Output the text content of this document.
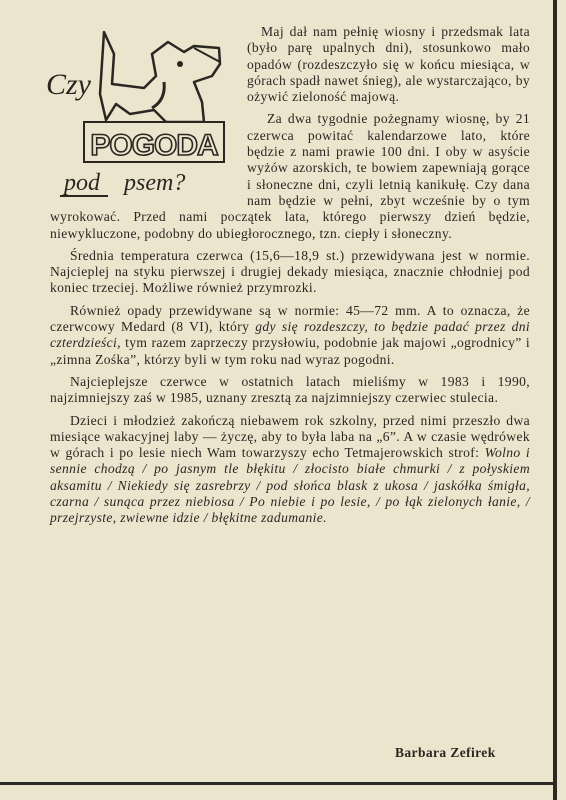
Czy
POGODA
pod psem?

Maj dał nam pełnię wiosny i przedsmak lata (było parę upalnych dni), stosunkowo mało opadów (rozdeszczyło się w końcu miesiąca, w górach spadł nawet śnieg), ale wystarczająco, by ożywić zieloność majową.

Za dwa tygodnie pożegnamy wiosnę, by 21 czerwca powitać kalendarzowe lato, które będzie z nami prawie 100 dni. I oby w asyście wyżów azorskich, te bowiem zapewniają gorące i słoneczne dni, czyli letnią kanikułę. Czy dana nam będzie w pełni, zbyt wcześnie by o tym wyrokować. Przed nami początek lata, którego pierwszy dzień będzie, niewykluczone, podobny do ubiegłorocznego, tzn. ciepły i słoneczny.

Średnia temperatura czerwca (15,6—18,9 st.) przewidywana jest w normie. Najcieplej na styku pierwszej i drugiej dekady miesiąca, znacznie chłodniej pod koniec trzeciej. Możliwe również przymrozki.

Również opady przewidywane są w normie: 45—72 mm. A to oznacza, że czerwcowy Medard (8 VI), który gdy się rozdeszczy, to będzie padać przez dni czterdzieści, tym razem zaprzeczy przysłowiu, podobnie jak majowi „ogrodnicy” i „zimna Zośka”, którzy byli w tym roku nad wyraz pogodni.

Najcieplejsze czerwce w ostatnich latach mieliśmy w 1983 i 1990, najzimniejszy zaś w 1985, uznany zresztą za najzimniejszy czerwiec stulecia.

Dzieci i młodzież zakończą niebawem rok szkolny, przed nimi przeszło dwa miesiące wakacyjnej laby — życzę, aby to była laba na „6”. A w czasie wędrówek w górach i po lesie niech Wam towarzyszy echo Tetmajerowskich strof: Wolno i sennie chodzą / po jasnym tle błękitu / złocisto białe chmurki / z połyskiem aksamitu / Niekiedy się zasrebrzy / pod słońca blask z ukosa / jaskółka śmigła, czarna / sunąca przez niebiosa / Po niebie i po lesie, / po łąk zielonych łanie, / przejrzyste, zwiewne idzie / błękitne zadumanie.

Barbara Zefirek
